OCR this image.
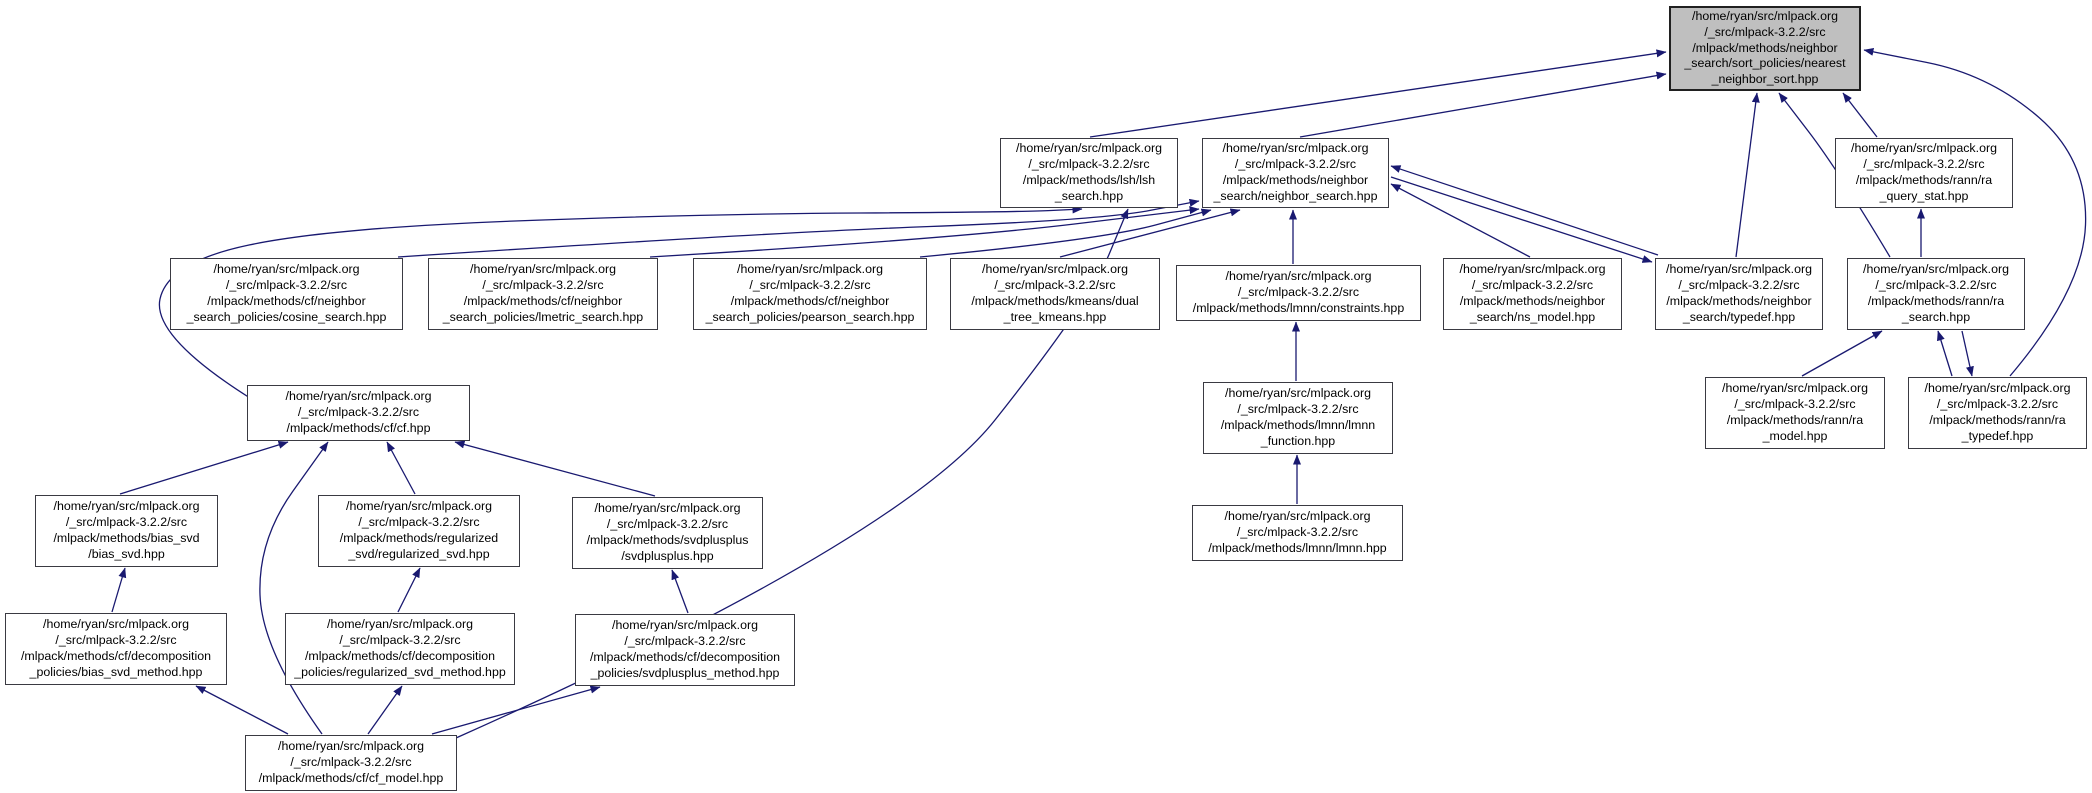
/home/ryan/src/mlpack.org
/_src/mlpack-3.2.2/src
/mlpack/methods/neighbor
_search/sort_policies/nearest
_neighbor_sort.hpp
/home/ryan/src/mlpack.org
/_src/mlpack-3.2.2/src
/mlpack/methods/lsh/lsh
_search.hpp
/home/ryan/src/mlpack.org
/_src/mlpack-3.2.2/src
/mlpack/methods/neighbor
_search/neighbor_search.hpp
/home/ryan/src/mlpack.org
/_src/mlpack-3.2.2/src
/mlpack/methods/rann/ra
_query_stat.hpp
/home/ryan/src/mlpack.org
/_src/mlpack-3.2.2/src
/mlpack/methods/cf/neighbor
_search_policies/cosine_search.hpp
/home/ryan/src/mlpack.org
/_src/mlpack-3.2.2/src
/mlpack/methods/cf/neighbor
_search_policies/lmetric_search.hpp
/home/ryan/src/mlpack.org
/_src/mlpack-3.2.2/src
/mlpack/methods/cf/neighbor
_search_policies/pearson_search.hpp
/home/ryan/src/mlpack.org
/_src/mlpack-3.2.2/src
/mlpack/methods/kmeans/dual
_tree_kmeans.hpp
/home/ryan/src/mlpack.org
/_src/mlpack-3.2.2/src
/mlpack/methods/lmnn/constraints.hpp
/home/ryan/src/mlpack.org
/_src/mlpack-3.2.2/src
/mlpack/methods/neighbor
_search/ns_model.hpp
/home/ryan/src/mlpack.org
/_src/mlpack-3.2.2/src
/mlpack/methods/neighbor
_search/typedef.hpp
/home/ryan/src/mlpack.org
/_src/mlpack-3.2.2/src
/mlpack/methods/rann/ra
_search.hpp
/home/ryan/src/mlpack.org
/_src/mlpack-3.2.2/src
/mlpack/methods/cf/cf.hpp
/home/ryan/src/mlpack.org
/_src/mlpack-3.2.2/src
/mlpack/methods/lmnn/lmnn
_function.hpp
/home/ryan/src/mlpack.org
/_src/mlpack-3.2.2/src
/mlpack/methods/rann/ra
_model.hpp
/home/ryan/src/mlpack.org
/_src/mlpack-3.2.2/src
/mlpack/methods/rann/ra
_typedef.hpp
/home/ryan/src/mlpack.org
/_src/mlpack-3.2.2/src
/mlpack/methods/bias_svd
/bias_svd.hpp
/home/ryan/src/mlpack.org
/_src/mlpack-3.2.2/src
/mlpack/methods/regularized
_svd/regularized_svd.hpp
/home/ryan/src/mlpack.org
/_src/mlpack-3.2.2/src
/mlpack/methods/svdplusplus
/svdplusplus.hpp
/home/ryan/src/mlpack.org
/_src/mlpack-3.2.2/src
/mlpack/methods/lmnn/lmnn.hpp
/home/ryan/src/mlpack.org
/_src/mlpack-3.2.2/src
/mlpack/methods/cf/decomposition
_policies/bias_svd_method.hpp
/home/ryan/src/mlpack.org
/_src/mlpack-3.2.2/src
/mlpack/methods/cf/decomposition
_policies/regularized_svd_method.hpp
/home/ryan/src/mlpack.org
/_src/mlpack-3.2.2/src
/mlpack/methods/cf/decomposition
_policies/svdplusplus_method.hpp
/home/ryan/src/mlpack.org
/_src/mlpack-3.2.2/src
/mlpack/methods/cf/cf_model.hpp
